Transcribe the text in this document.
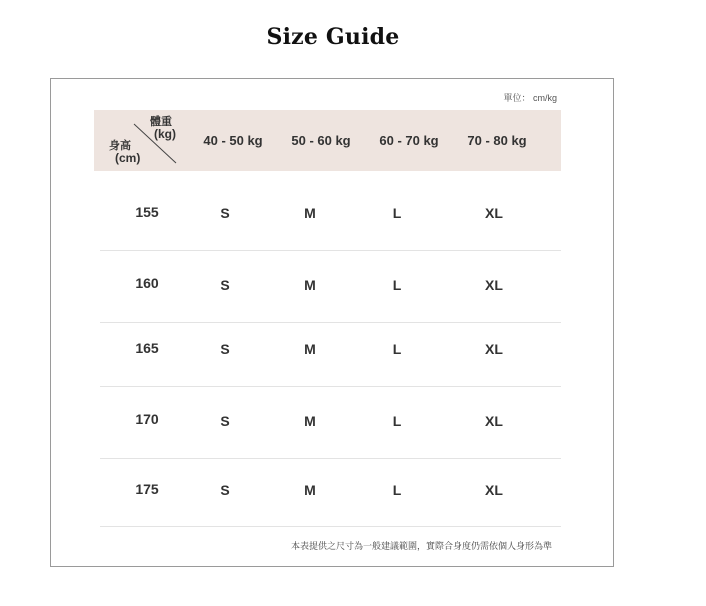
Size Guide
單位： cm/kg
體重
(kg)
身高
(cm)
40 - 50 kg 50 - 60 kg 60 - 70 kg 70 - 80 kg
155	S	M	L	XL
160	S	M	L	XL
165	S	M	L	XL
170	S	M	L	XL
175	S	M	L	XL
本表提供之尺寸為一般建議範圍，實際合身度仍需依個人身形為準
